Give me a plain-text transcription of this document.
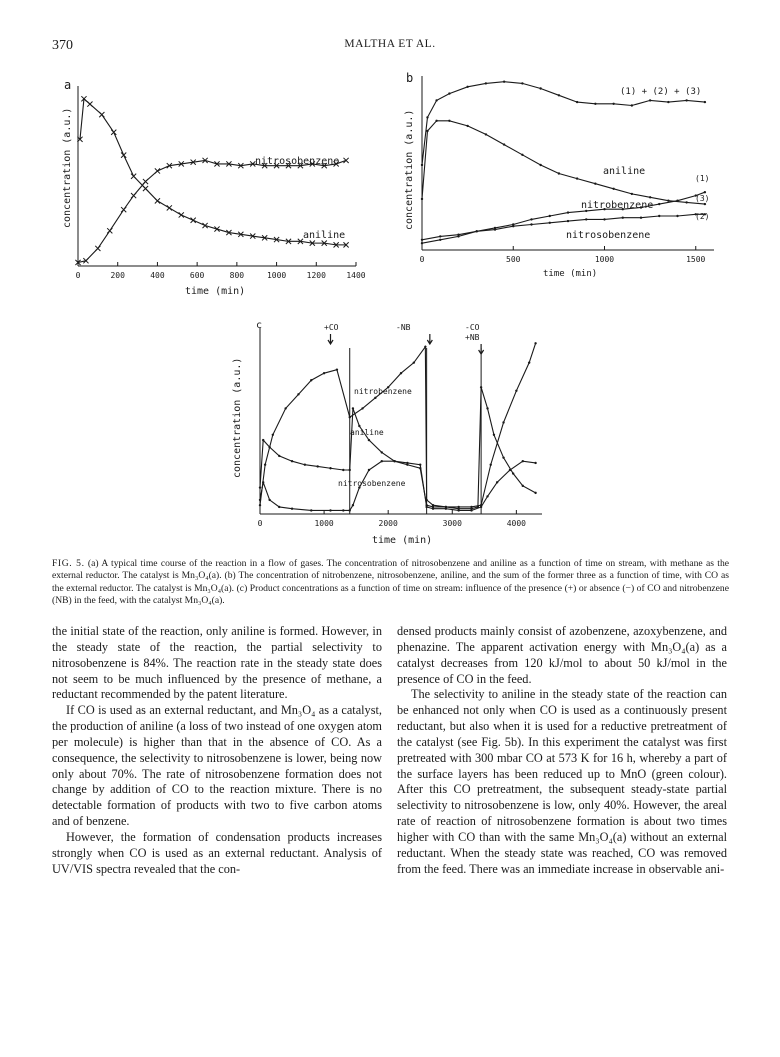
370	MALTHA ET AL.
a
concentration (a.u.)
0	200	400	600	800	1000	1200	1400
nitrosobenzene
aniline
time (min)
b
concentration (a.u.)
0	500	1000	1500
(1) + (2) + (3)
aniline
nitrobenzene
nitrosobenzene
(1)
(3)
(2)
time (min)
c
concentration (a.u.)
0	1000	2000	3000	4000
+CO	-NB	-CO
+NB
nitrobenzene
aniline
nitrosobenzene
time (min)
FIG. 5. (a) A typical time course of the reaction in a flow of gases. The concentration of nitrosobenzene and aniline as a function of time on stream, with methane as the external reductor. The catalyst is Mn₃O₄(a). (b) The concentration of nitrobenzene, nitrosobenzene, aniline, and the sum of the former three as a function of time, with CO as the external reductor. The catalyst is Mn₃O₄(a). (c) Product concentrations as a function of time on stream: influence of the presence (+) or absence (−) of CO and nitrobenzene (NB) in the feed, with the catalyst Mn₃O₄(a).

the initial state of the reaction, only aniline is formed. However, in the steady state of the reaction, the partial selectivity to nitrosobenzene is 84%. The reaction rate in the steady state does not seem to be much influenced by the presence of methane, a reductant recommended by the patent literature.

If CO is used as an external reductant, and Mn₃O₄ as a catalyst, the production of aniline (a loss of two instead of one oxygen atom per molecule) is higher than that in the absence of CO. As a consequence, the selectivity to nitrosobenzene is lower, being now only about 70%. The rate of nitrosobenzene formation does not change by addition of CO to the reaction mixture. There is no detectable formation of products with two to five carbon atoms and of benzene.

However, the formation of condensation products increases strongly when CO is used as an external reductant. Analysis of UV/VIS spectra revealed that the con-

densed products mainly consist of azobenzene, azoxybenzene, and phenazine. The apparent activation energy with Mn₃O₄(a) as a catalyst decreases from 120 kJ/mol to about 50 kJ/mol in the presence of CO in the feed.

The selectivity to aniline in the steady state of the reaction can be enhanced not only when CO is used as a continuously present reductant, but also when it is used for a reductive pretreatment of the catalyst (see Fig. 5b). In this experiment the catalyst was first pretreated with 300 mbar CO at 573 K for 16 h, whereby a part of the surface layers has been reduced up to MnO (green colour). After this CO pretreatment, the subsequent steady-state partial selectivity to nitrosobenzene is low, only 40%. However, the areal rate of reaction of nitrosobenzene formation is about two times higher with CO than with the same Mn₃O₄(a) without an external reductant. When the steady state was reached, CO was removed from the feed. There was an immediate increase in observable ani-
